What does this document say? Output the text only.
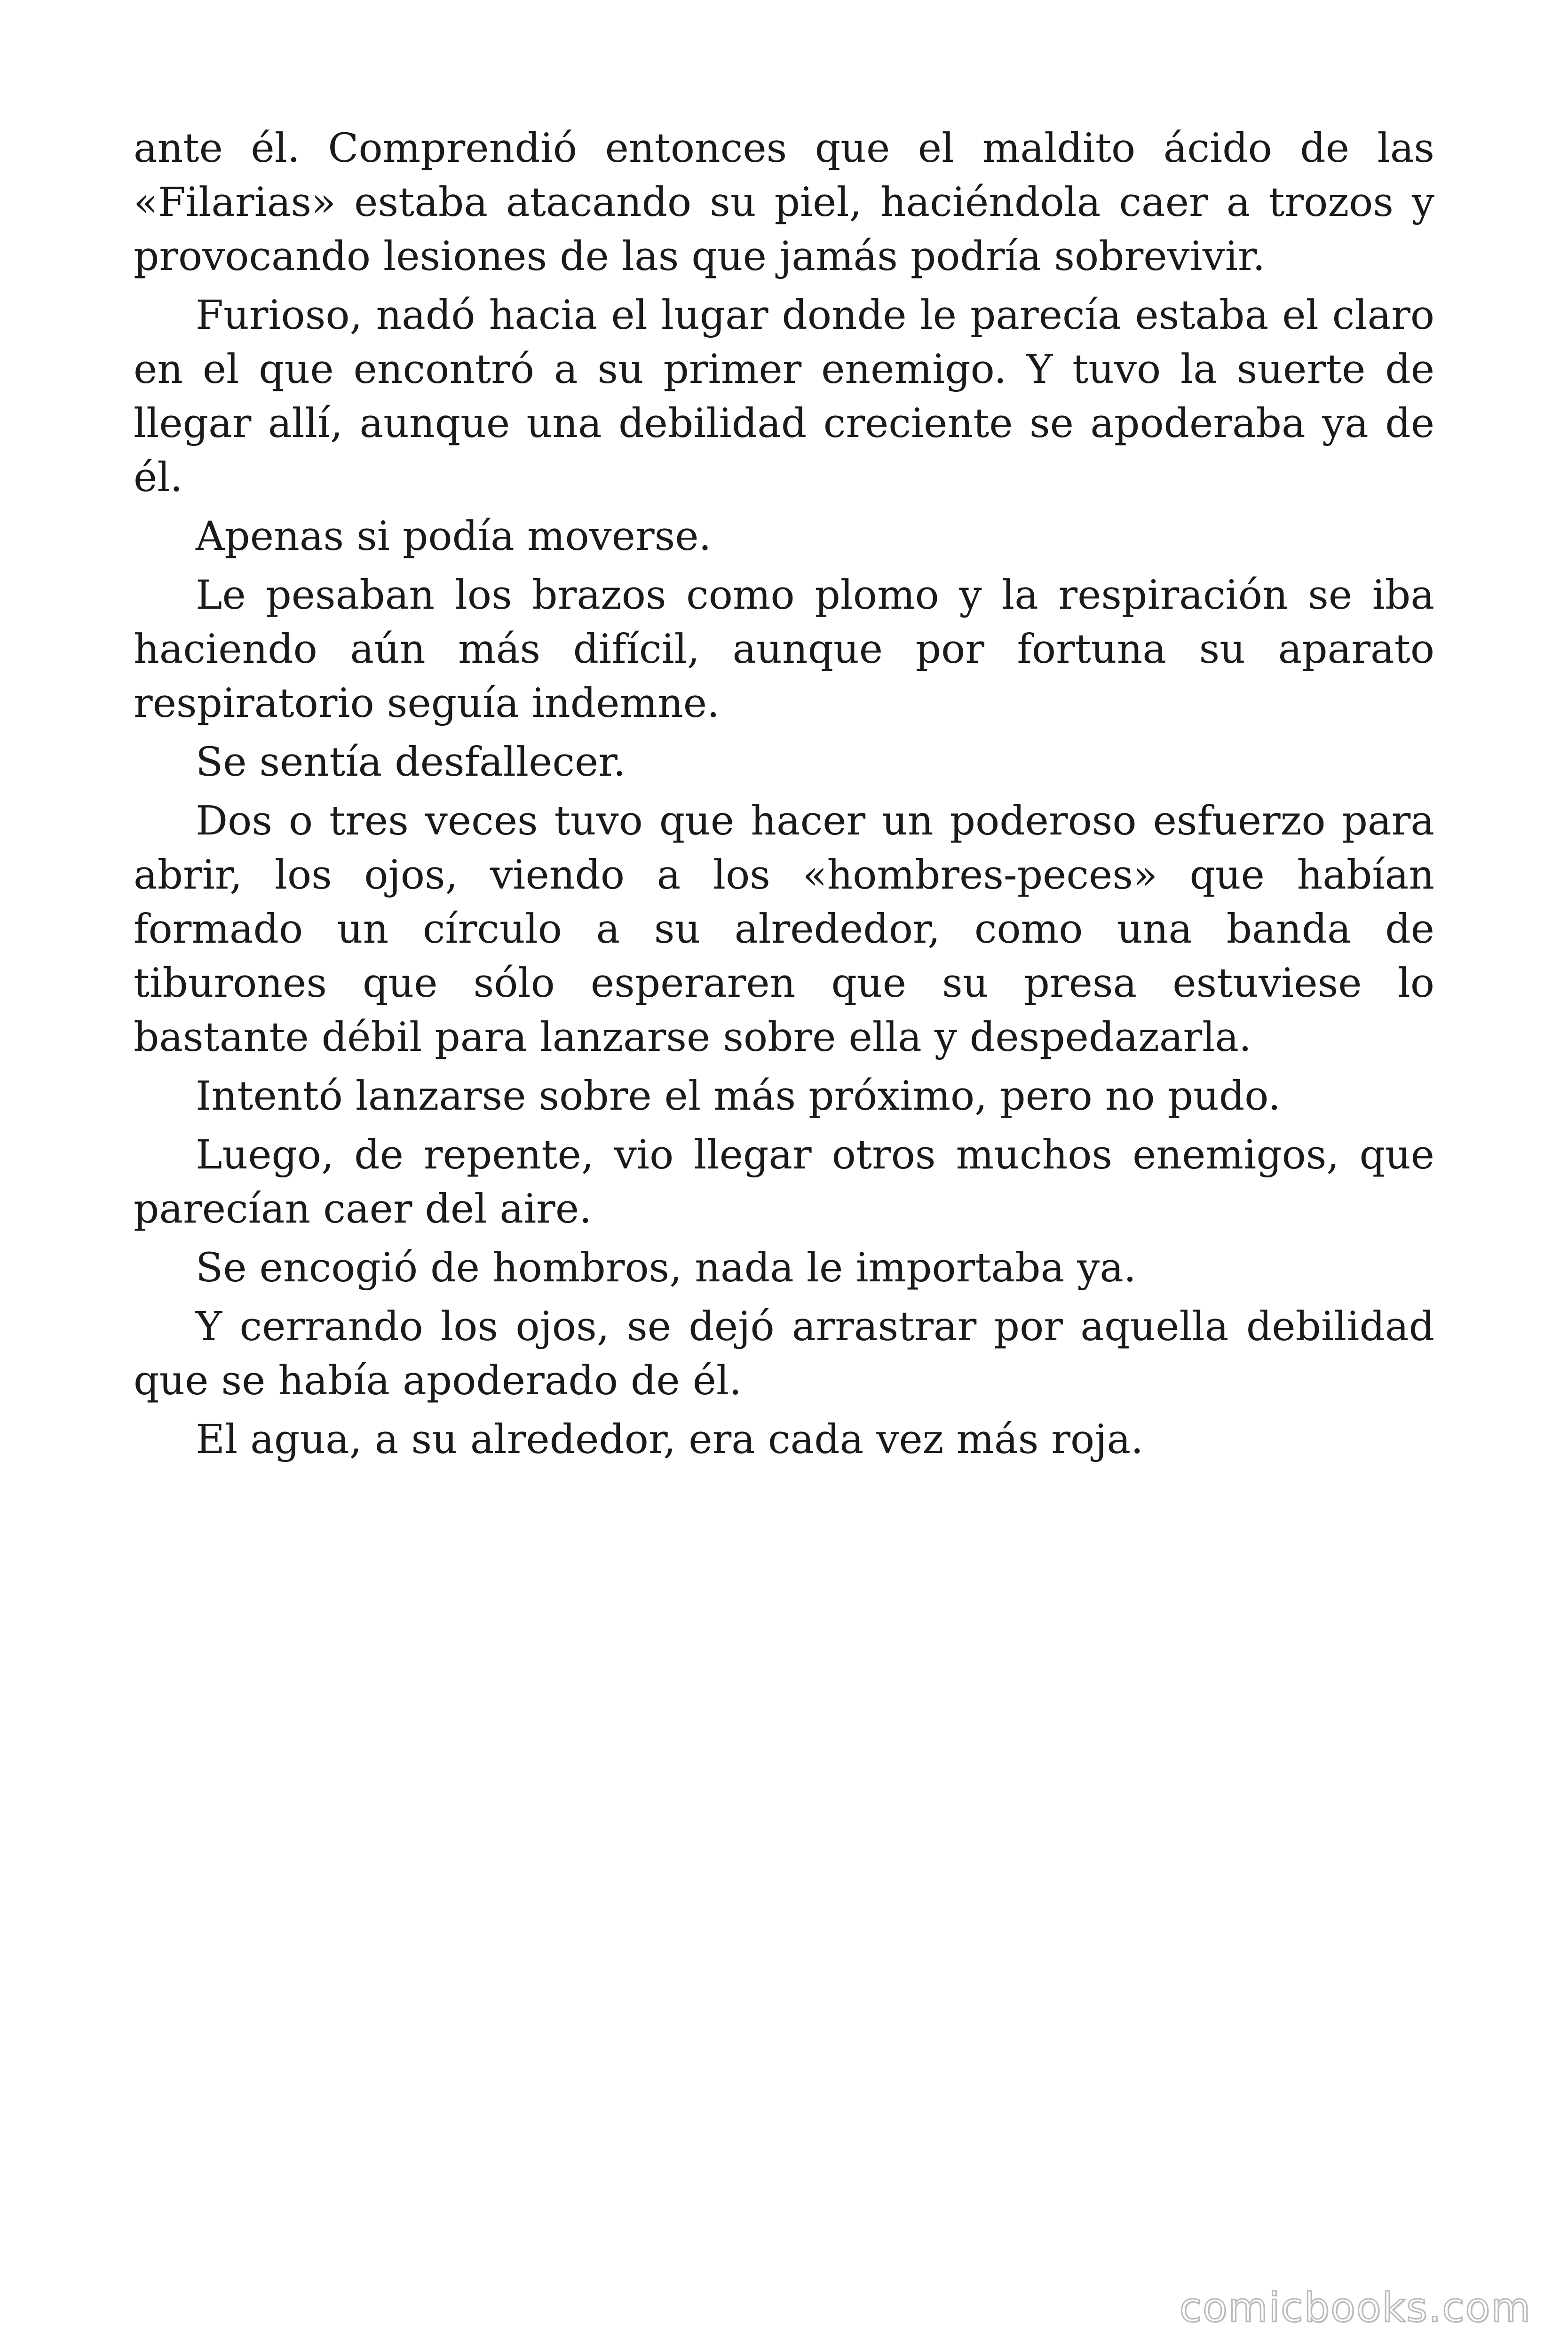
ante él. Comprendió entonces que el maldito ácido de las «Filarias» estaba atacando su piel, haciéndola caer a trozos y provocando lesiones de las que jamás podría sobrevivir.

Furioso, nadó hacia el lugar donde le parecía estaba el claro en el que encontró a su primer enemigo. Y tuvo la suerte de llegar allí, aunque una debilidad creciente se apoderaba ya de él.

Apenas si podía moverse.

Le pesaban los brazos como plomo y la respiración se iba haciendo aún más difícil, aunque por fortuna su aparato respiratorio seguía indemne.

Se sentía desfallecer.

Dos o tres veces tuvo que hacer un poderoso esfuerzo para abrir, los ojos, viendo a los «hombres-peces» que habían formado un círculo a su alrededor, como una banda de tiburones que sólo esperaren que su presa estuviese lo bastante débil para lanzarse sobre ella y despedazarla.

Intentó lanzarse sobre el más próximo, pero no pudo.

Luego, de repente, vio llegar otros muchos enemigos, que parecían caer del aire.

Se encogió de hombros, nada le importaba ya.

Y cerrando los ojos, se dejó arrastrar por aquella debilidad que se había apoderado de él.

El agua, a su alrededor, era cada vez más roja.

comicbooks.com
